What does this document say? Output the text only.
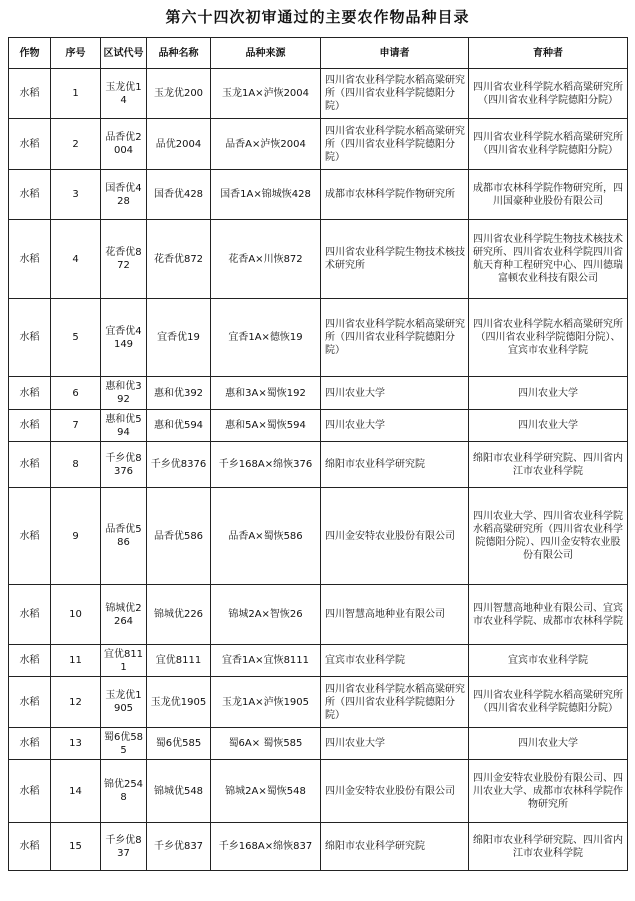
第六十四次初审通过的主要农作物品种目录
作物	序号	区试代号	品种名称	品种来源	申请者	育种者
水稻	1	玉龙优14	玉龙优200	玉龙1A×泸恢2004	四川省农业科学院水稻高粱研究所（四川省农业科学院德阳分院）	四川省农业科学院水稻高粱研究所（四川省农业科学院德阳分院）
水稻	2	品香优2004	品优2004	品香A×泸恢2004	四川省农业科学院水稻高粱研究所（四川省农业科学院德阳分院）	四川省农业科学院水稻高粱研究所（四川省农业科学院德阳分院）
水稻	3	国香优428	国香优428	国香1A×锦城恢428	成都市农林科学院作物研究所	成都市农林科学院作物研究所，四川国豪种业股份有限公司
水稻	4	花香优872	花香优872	花香A×川恢872	四川省农业科学院生物技术核技术研究所	四川省农业科学院生物技术核技术研究所、四川省农业科学院四川省航天育种工程研究中心、四川德瑞富顿农业科技有限公司
水稻	5	宜香优4149	宜香优19	宜香1A×德恢19	四川省农业科学院水稻高粱研究所（四川省农业科学院德阳分院）	四川省农业科学院水稻高粱研究所（四川省农业科学院德阳分院）、宜宾市农业科学院
水稻	6	惠和优392	惠和优392	惠和3A×蜀恢192	四川农业大学	四川农业大学
水稻	7	惠和优594	惠和优594	惠和5A×蜀恢594	四川农业大学	四川农业大学
水稻	8	千乡优8376	千乡优8376	千乡168A×绵恢376	绵阳市农业科学研究院	绵阳市农业科学研究院、四川省内江市农业科学院
水稻	9	品香优586	品香优586	品香A×蜀恢586	四川金安特农业股份有限公司	四川农业大学、四川省农业科学院水稻高粱研究所（四川省农业科学院德阳分院）、四川金安特农业股份有限公司
水稻	10	锦城优2264	锦城优226	锦城2A×智恢26	四川智慧高地种业有限公司	四川智慧高地种业有限公司、宜宾市农业科学院、成都市农林科学院
水稻	11	宜优8111	宜优8111	宜香1A×宜恢8111	宜宾市农业科学院	宜宾市农业科学院
水稻	12	玉龙优1905	玉龙优1905	玉龙1A×泸恢1905	四川省农业科学院水稻高粱研究所（四川省农业科学院德阳分院）	四川省农业科学院水稻高粱研究所（四川省农业科学院德阳分院）
水稻	13	蜀6优585	蜀6优585	蜀6A× 蜀恢585	四川农业大学	四川农业大学
水稻	14	锦优2548	锦城优548	锦城2A×蜀恢548	四川金安特农业股份有限公司	四川金安特农业股份有限公司、四川农业大学、成都市农林科学院作物研究所
水稻	15	千乡优837	千乡优837	千乡168A×绵恢837	绵阳市农业科学研究院	绵阳市农业科学研究院、四川省内江市农业科学院
